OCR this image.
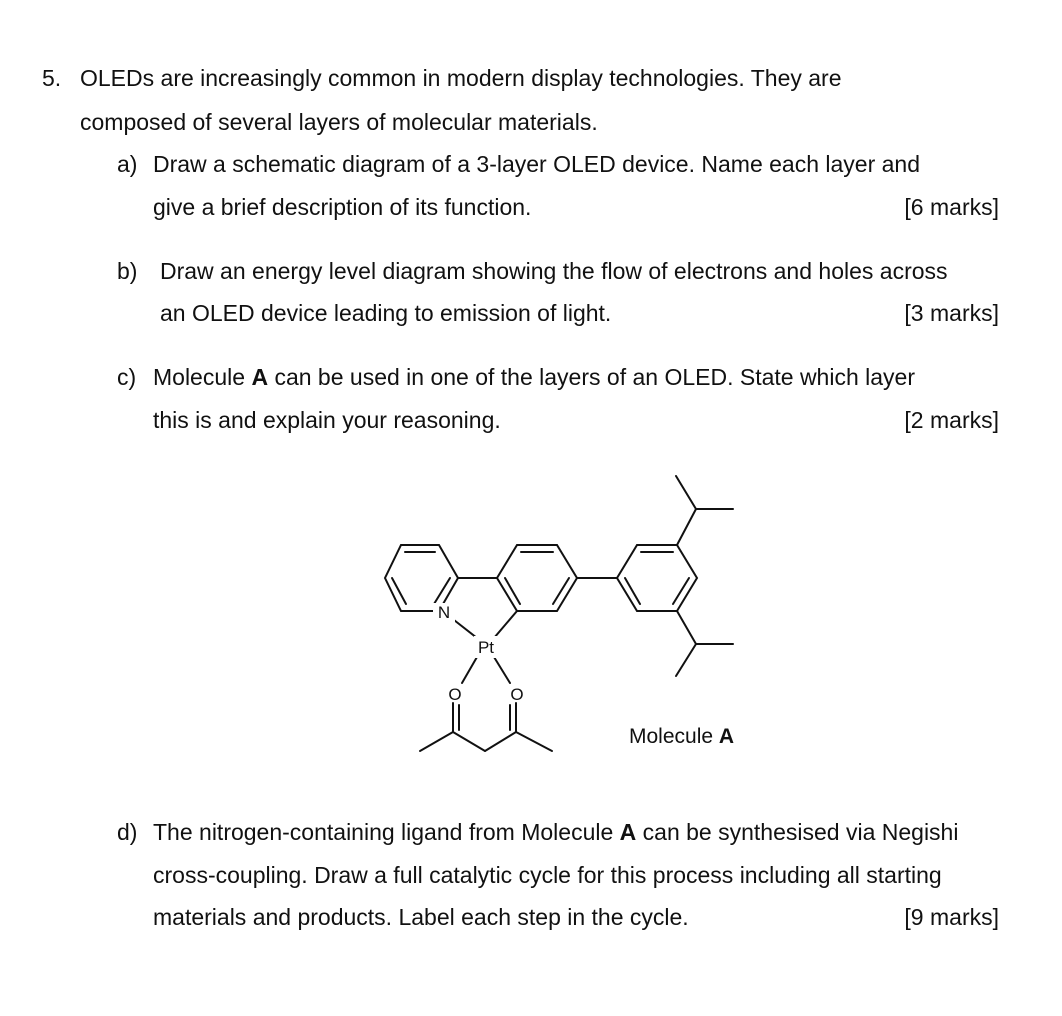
5. OLEDs are increasingly common in modern display technologies. They are
composed of several layers of molecular materials.
a) Draw a schematic diagram of a 3-layer OLED device. Name each layer and
give a brief description of its function.	[6 marks]
b) Draw an energy level diagram showing the flow of electrons and holes across
an OLED device leading to emission of light.	[3 marks]
c) Molecule A can be used in one of the layers of an OLED. State which layer
this is and explain your reasoning.	[2 marks]
N
Pt
O	O
Molecule A
d) The nitrogen-containing ligand from Molecule A can be synthesised via Negishi
cross-coupling. Draw a full catalytic cycle for this process including all starting
materials and products. Label each step in the cycle.	[9 marks]
